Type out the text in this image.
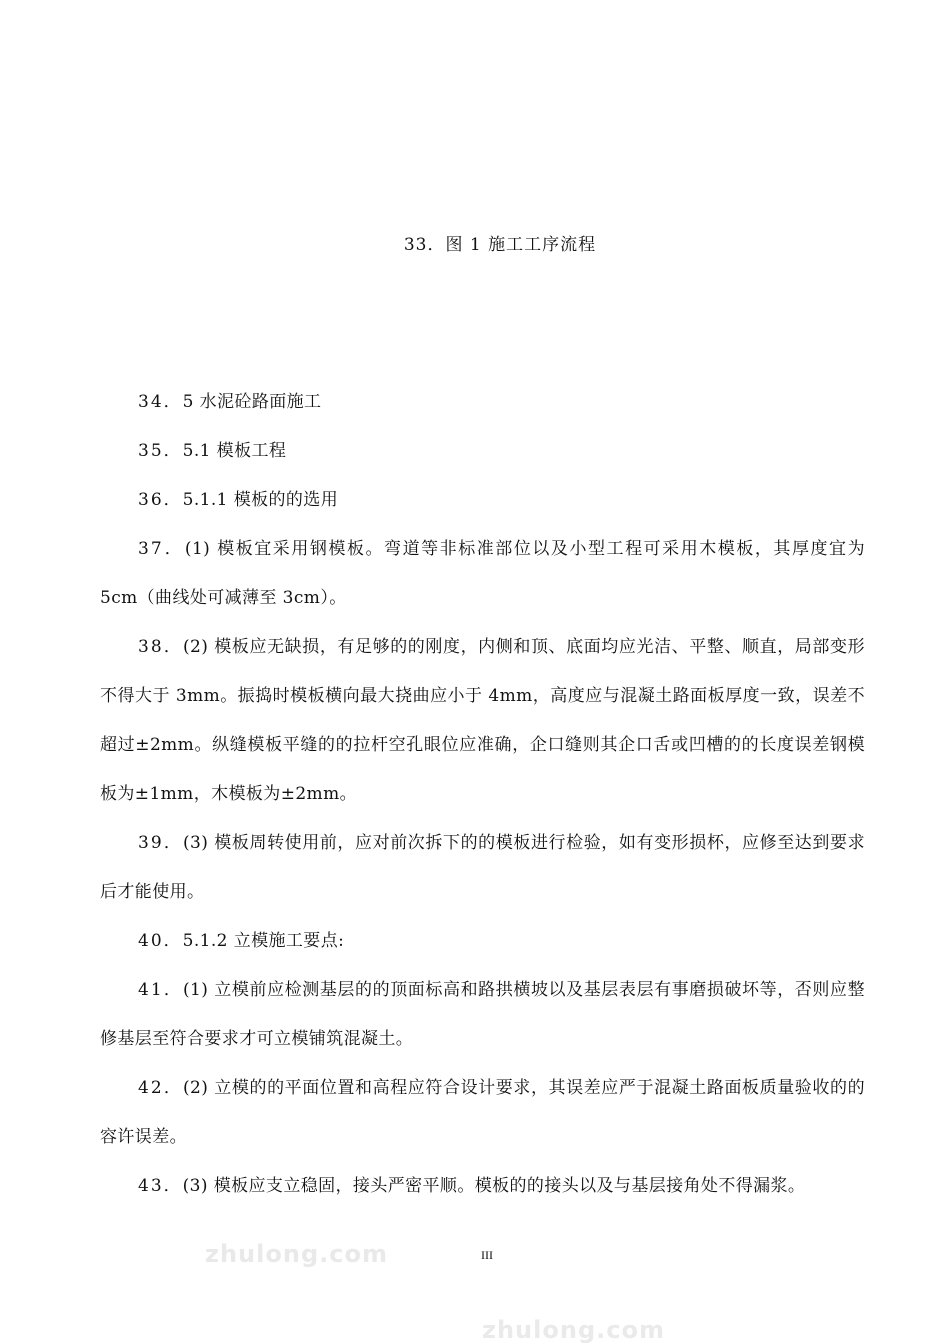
33．图 1 施工工序流程

34．5 水泥砼路面施工

35．5.1 模板工程

36．5.1.1 模板的的选用

37．(1) 模板宜采用钢模板。弯道等非标准部位以及小型工程可采用木模板，其厚度宜为 5cm（曲线处可减薄至 3cm）。

38．(2) 模板应无缺损，有足够的的刚度，内侧和顶、底面均应光洁、平整、顺直，局部变形不得大于 3mm。振捣时模板横向最大挠曲应小于 4mm，高度应与混凝土路面板厚度一致，误差不超过±2mm。纵缝模板平缝的的拉杆空孔眼位应准确，企口缝则其企口舌或凹槽的的长度误差钢模板为±1mm，木模板为±2mm。

39．(3) 模板周转使用前，应对前次拆下的的模板进行检验，如有变形损杯，应修至达到要求后才能使用。

40．5.1.2 立模施工要点:

41．(1) 立模前应检测基层的的顶面标高和路拱横坡以及基层表层有事磨损破坏等，否则应整修基层至符合要求才可立模铺筑混凝土。

42．(2) 立模的的平面位置和高程应符合设计要求，其误差应严于混凝土路面板质量验收的的容许误差。

43．(3) 模板应支立稳固，接头严密平顺。模板的的接头以及与基层接角处不得漏浆。

III
zhulong.com
zhulong.com
